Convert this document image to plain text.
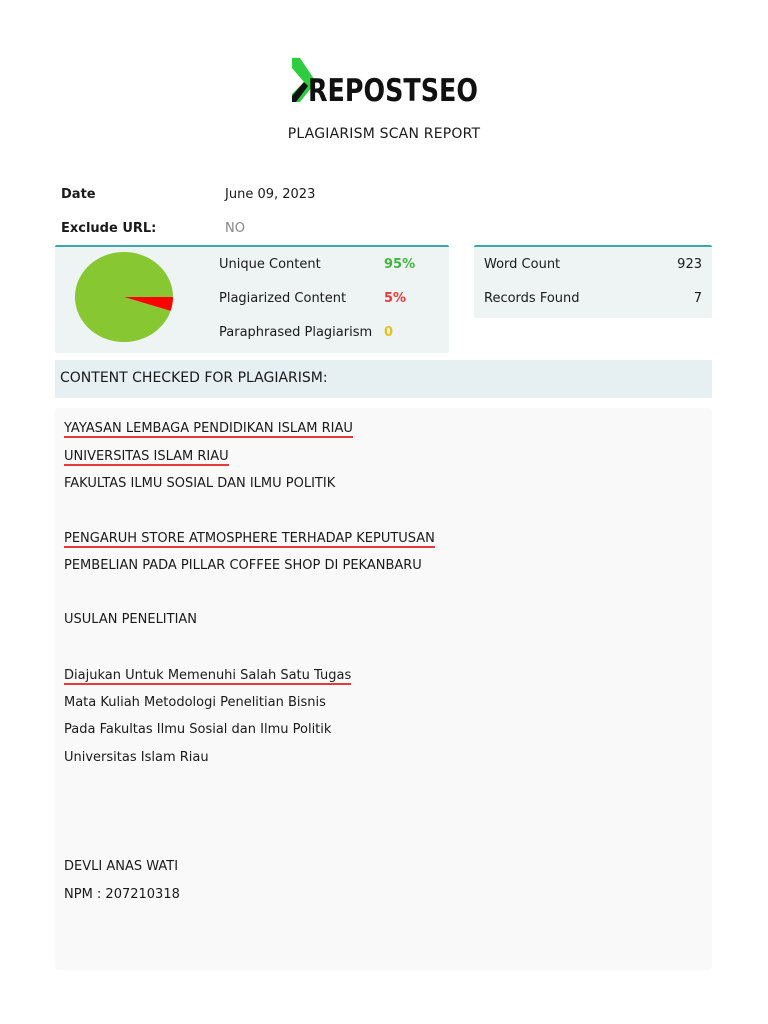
REPOSTSEO
PLAGIARISM SCAN REPORT
Date	June 09, 2023
Exclude URL:	NO
Unique Content	95%
Plagiarized Content	5%
Paraphrased Plagiarism 0
Word Count	923
Records Found	7
CONTENT CHECKED FOR PLAGIARISM:
YAYASAN LEMBAGA PENDIDIKAN ISLAM RIAU
UNIVERSITAS ISLAM RIAU
FAKULTAS ILMU SOSIAL DAN ILMU POLITIK
PENGARUH STORE ATMOSPHERE TERHADAP KEPUTUSAN
PEMBELIAN PADA PILLAR COFFEE SHOP DI PEKANBARU
USULAN PENELITIAN
Diajukan Untuk Memenuhi Salah Satu Tugas
Mata Kuliah Metodologi Penelitian Bisnis
Pada Fakultas Ilmu Sosial dan Ilmu Politik
Universitas Islam Riau
DEVLI ANAS WATI
NPM : 207210318
